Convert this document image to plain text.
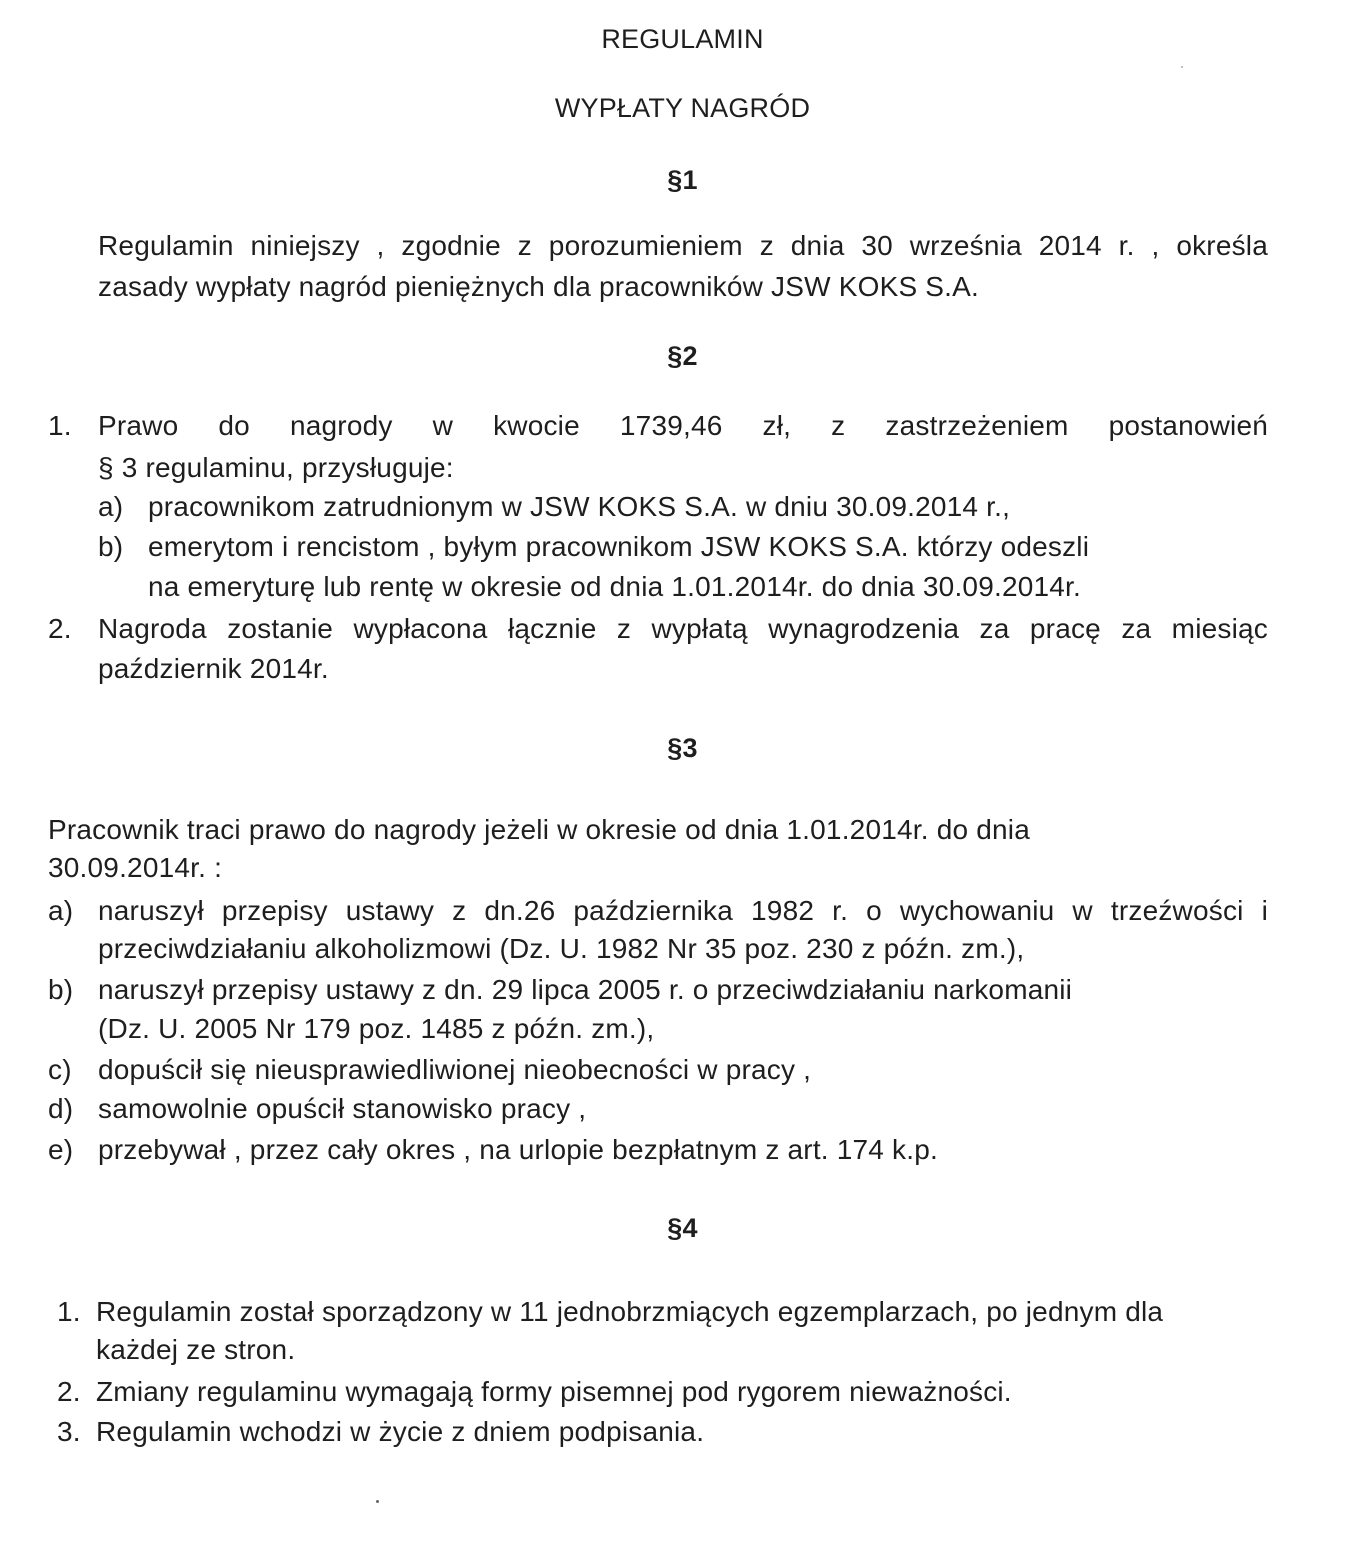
REGULAMIN
WYPŁATY NAGRÓD
§1
Regulamin niniejszy , zgodnie z porozumieniem z dnia 30 września 2014 r. , określa
zasady wypłaty nagród pieniężnych dla pracowników JSW KOKS S.A.
§2
1. Prawo do nagrody w kwocie 1739,46 zł, z zastrzeżeniem postanowień
§ 3 regulaminu, przysługuje:
a) pracownikom zatrudnionym w JSW KOKS S.A. w dniu 30.09.2014 r.,
b) emerytom i rencistom , byłym pracownikom JSW KOKS S.A. którzy odeszli
na emeryturę lub rentę w okresie od dnia 1.01.2014r. do dnia 30.09.2014r.
2. Nagroda zostanie wypłacona łącznie z wypłatą wynagrodzenia za pracę za miesiąc
październik 2014r.
§3
Pracownik traci prawo do nagrody jeżeli w okresie od dnia 1.01.2014r. do dnia
30.09.2014r. :
a) naruszył przepisy ustawy z dn.26 października 1982 r. o wychowaniu w trzeźwości i
przeciwdziałaniu alkoholizmowi (Dz. U. 1982 Nr 35 poz. 230 z późn. zm.),
b) naruszył przepisy ustawy z dn. 29 lipca 2005 r. o przeciwdziałaniu narkomanii
(Dz. U. 2005 Nr 179 poz. 1485 z późn. zm.),
c) dopuścił się nieusprawiedliwionej nieobecności w pracy ,
d) samowolnie opuścił stanowisko pracy ,
e) przebywał , przez cały okres , na urlopie bezpłatnym z art. 174 k.p.
§4
1. Regulamin został sporządzony w 11 jednobrzmiących egzemplarzach, po jednym dla
każdej ze stron.
2. Zmiany regulaminu wymagają formy pisemnej pod rygorem nieważności.
3. Regulamin wchodzi w życie z dniem podpisania.
